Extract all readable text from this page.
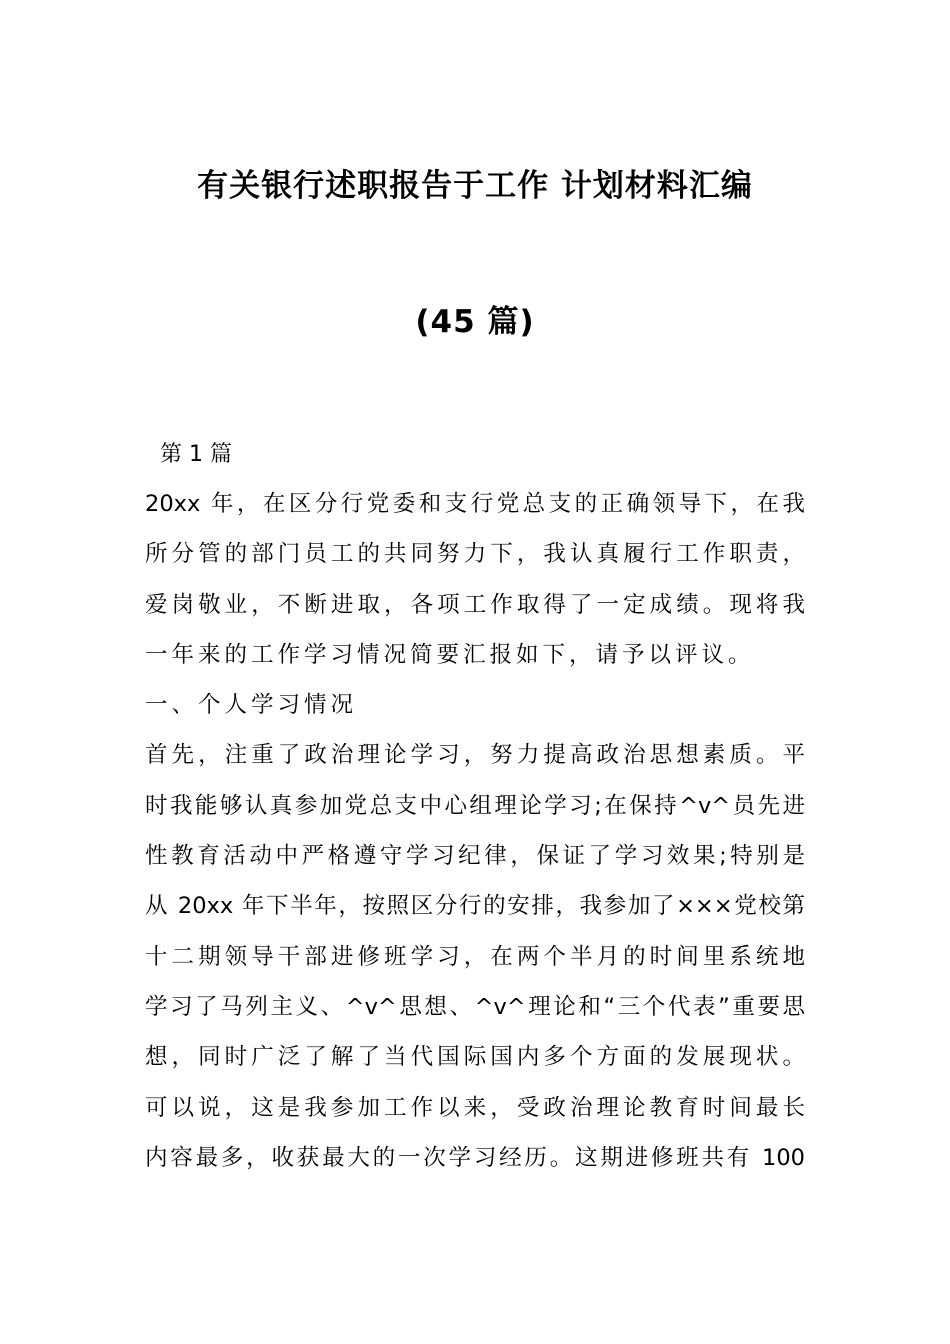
有关银行述职报告于工作 计划材料汇编
(45 篇)
第 1 篇
20xx 年，在区分行党委和支行党总支的正确领导下，在我
所分管的部门员工的共同努力下，我认真履行工作职责，
爱岗敬业，不断进取，各项工作取得了一定成绩。现将我
一年来的工作学习情况简要汇报如下，请予以评议。
一、个人学习情况
首先，注重了政治理论学习，努力提高政治思想素质。平
时我能够认真参加党总支中心组理论学习;在保持^v^员先进
性教育活动中严格遵守学习纪律，保证了学习效果;特别是
从 20xx 年下半年，按照区分行的安排，我参加了×××党校第
十二期领导干部进修班学习，在两个半月的时间里系统地
学习了马列主义、^v^思想、^v^理论和“三个代表”重要思
想，同时广泛了解了当代国际国内多个方面的发展现状。
可以说，这是我参加工作以来，受政治理论教育时间最长
内容最多，收获最大的一次学习经历。这期进修班共有 100
